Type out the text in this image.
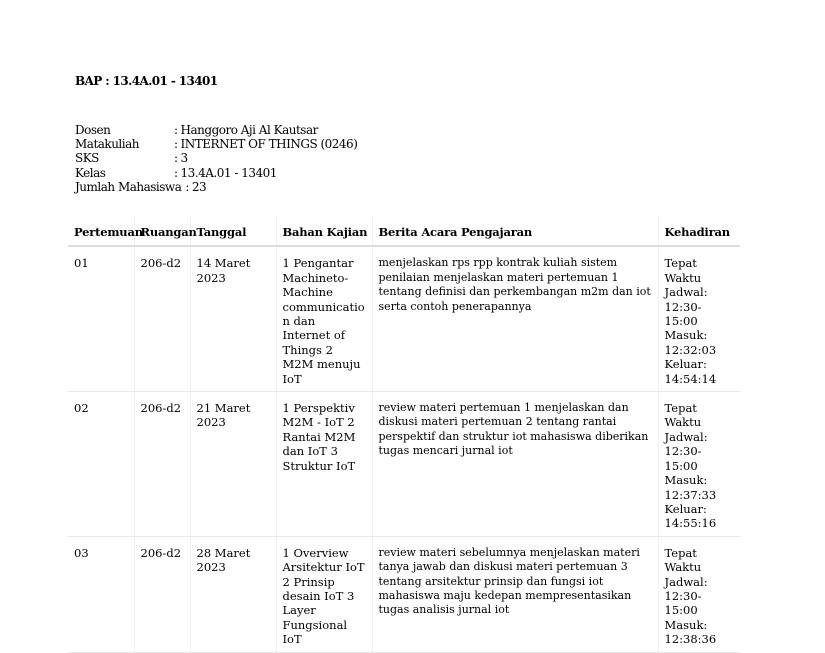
BAP : 13.4A.01 - 13401
Dosen	: Hanggoro Aji Al Kautsar
Matakuliah	: INTERNET OF THINGS (0246)
SKS	: 3
Kelas	: 13.4A.01 - 13401
Jumlah Mahasiswa : 23
Pertemuan	Ruangan	Tanggal	Bahan Kajian	Berita Acara Pengajaran	Kehadiran
01	206-d2	14 Maret 2023	1 Pengantar Machineto-Machine communication dan Internet of Things 2 M2M menuju IoT	menjelaskan rps rpp kontrak kuliah sistem penilaian menjelaskan materi pertemuan 1 tentang definisi dan perkembangan m2m dan iot serta contoh penerapannya	Tepat Waktu Jadwal: 12:30-15:00 Masuk: 12:32:03 Keluar: 14:54:14
02	206-d2	21 Maret 2023	1 Perspektiv M2M - IoT 2 Rantai M2M dan IoT 3 Struktur IoT	review materi pertemuan 1 menjelaskan dan diskusi materi pertemuan 2 tentang rantai perspektif dan struktur iot mahasiswa diberikan tugas mencari jurnal iot	Tepat Waktu Jadwal: 12:30-15:00 Masuk: 12:37:33 Keluar: 14:55:16
03	206-d2	28 Maret 2023	1 Overview Arsitektur IoT 2 Prinsip desain IoT 3 Layer Fungsional IoT	review materi sebelumnya menjelaskan materi tanya jawab dan diskusi materi pertemuan 3 tentang arsitektur prinsip dan fungsi iot mahasiswa maju kedepan mempresentasikan tugas analisis jurnal iot	Tepat Waktu Jadwal: 12:30-15:00 Masuk: 12:38:36
